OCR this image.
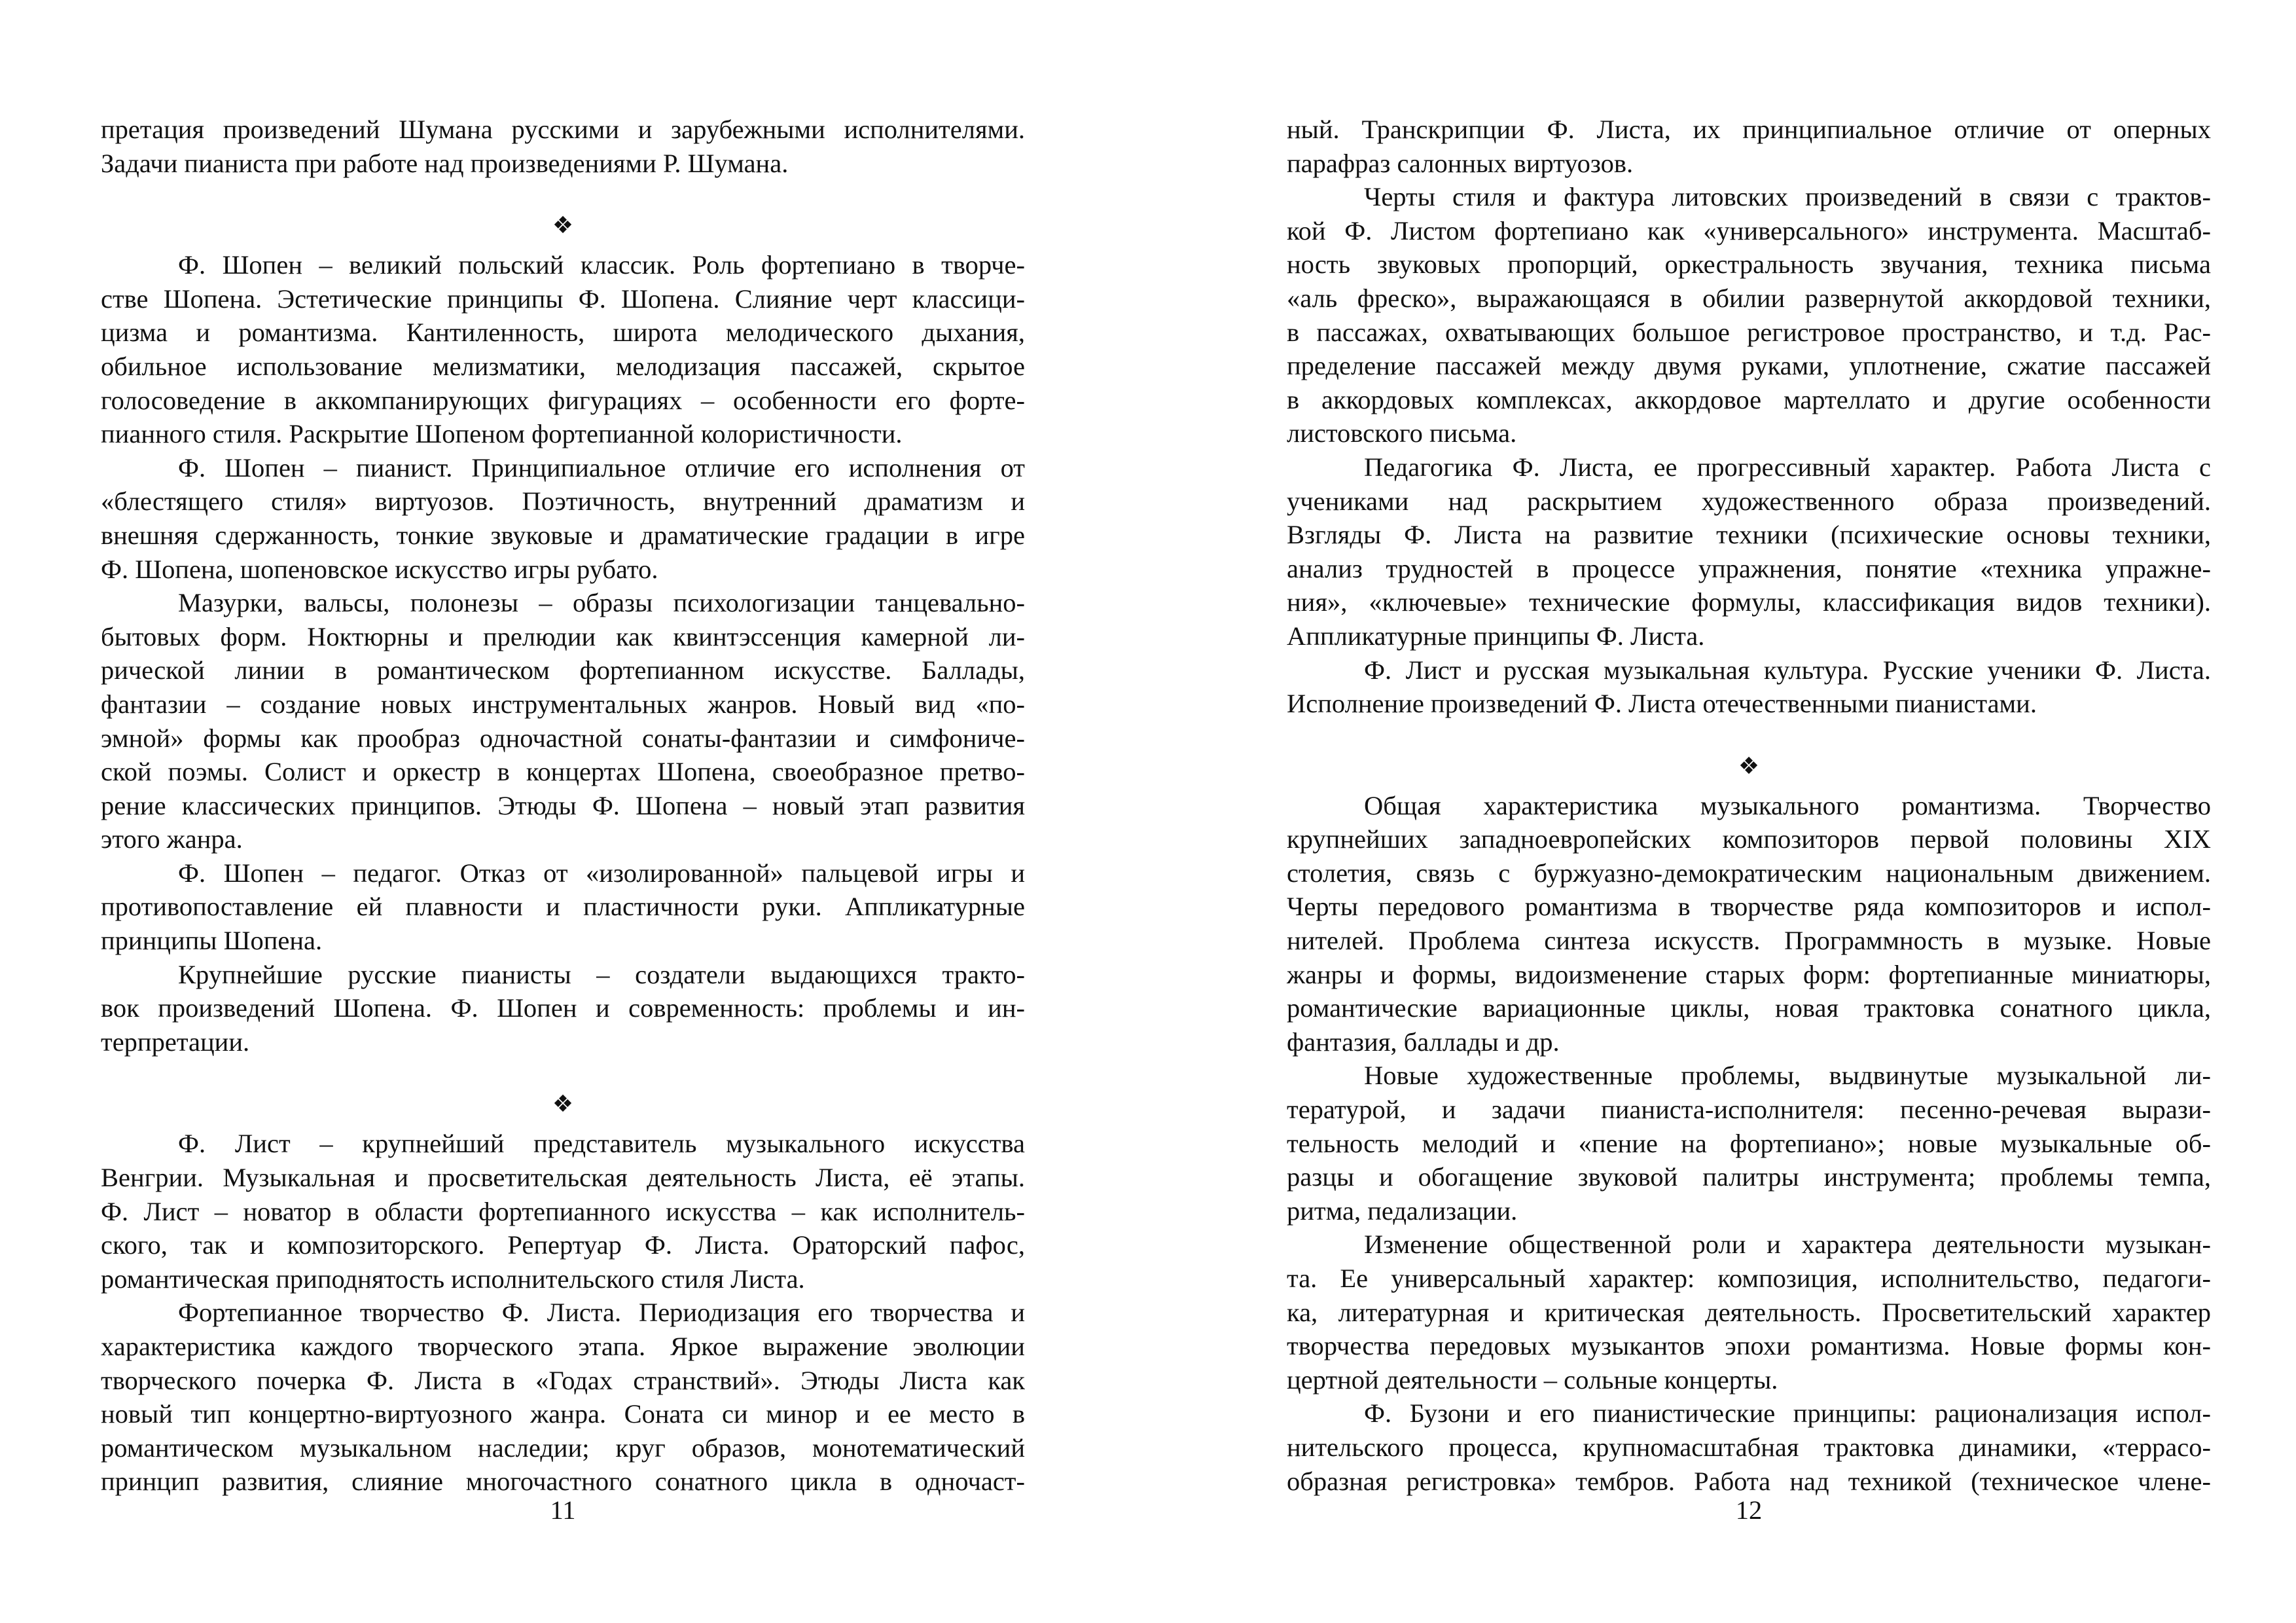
претация произведений Шумана русскими и зарубежными исполнителями.
Задачи пианиста при работе над произведениями Р. Шумана.
❖
Ф. Шопен – великий польский классик. Роль фортепиано в творче-
стве Шопена. Эстетические принципы Ф. Шопена. Слияние черт классици-
цизма и романтизма. Кантиленность, широта мелодического дыхания,
обильное использование мелизматики, мелодизация пассажей, скрытое
голосоведение в аккомпанирующих фигурациях – особенности его форте-
пианного стиля. Раскрытие Шопеном фортепианной колористичности.
Ф. Шопен – пианист. Принципиальное отличие его исполнения от
«блестящего стиля» виртуозов. Поэтичность, внутренний драматизм и
внешняя сдержанность, тонкие звуковые и драматические градации в игре
Ф. Шопена, шопеновское искусство игры рубато.
Мазурки, вальсы, полонезы – образы психологизации танцевально-
бытовых форм. Ноктюрны и прелюдии как квинтэссенция камерной ли-
рической линии в романтическом фортепианном искусстве. Баллады,
фантазии – создание новых инструментальных жанров. Новый вид «по-
эмной» формы как прообраз одночастной сонаты-фантазии и симфониче-
ской поэмы. Солист и оркестр в концертах Шопена, своеобразное претво-
рение классических принципов. Этюды Ф. Шопена – новый этап развития
этого жанра.
Ф. Шопен – педагог. Отказ от «изолированной» пальцевой игры и
противопоставление ей плавности и пластичности руки. Аппликатурные
принципы Шопена.
Крупнейшие русские пианисты – создатели выдающихся тракто-
вок произведений Шопена. Ф. Шопен и современность: проблемы и ин-
терпретации.
❖
Ф. Лист – крупнейший представитель музыкального искусства
Венгрии. Музыкальная и просветительская деятельность Листа, её этапы.
Ф. Лист – новатор в области фортепианного искусства – как исполнитель-
ского, так и композиторского. Репертуар Ф. Листа. Ораторский пафос,
романтическая приподнятость исполнительского стиля Листа.
Фортепианное творчество Ф. Листа. Периодизация его творчества и
характеристика каждого творческого этапа. Яркое выражение эволюции
творческого почерка Ф. Листа в «Годах странствий». Этюды Листа как
новый тип концертно-виртуозного жанра. Соната си минор и ее место в
романтическом музыкальном наследии; круг образов, монотематический
принцип развития, слияние многочастного сонатного цикла в одночаст-
11
ный. Транскрипции Ф. Листа, их принципиальное отличие от оперных
парафраз салонных виртуозов.
Черты стиля и фактура литовских произведений в связи с трактов-
кой Ф. Листом фортепиано как «универсального» инструмента. Масштаб-
ность звуковых пропорций, оркестральность звучания, техника письма
«аль фреско», выражающаяся в обилии развернутой аккордовой техники,
в пассажах, охватывающих большое регистровое пространство, и т.д. Рас-
пределение пассажей между двумя руками, уплотнение, сжатие пассажей
в аккордовых комплексах, аккордовое мартеллато и другие особенности
листовского письма.
Педагогика Ф. Листа, ее прогрессивный характер. Работа Листа с
учениками над раскрытием художественного образа произведений.
Взгляды Ф. Листа на развитие техники (психические основы техники,
анализ трудностей в процессе упражнения, понятие «техника упражне-
ния», «ключевые» технические формулы, классификация видов техники).
Аппликатурные принципы Ф. Листа.
Ф. Лист и русская музыкальная культура. Русские ученики Ф. Листа.
Исполнение произведений Ф. Листа отечественными пианистами.
❖
Общая характеристика музыкального романтизма. Творчество
крупнейших западноевропейских композиторов первой половины XIX
столетия, связь с буржуазно-демократическим национальным движением.
Черты передового романтизма в творчестве ряда композиторов и испол-
нителей. Проблема синтеза искусств. Программность в музыке. Новые
жанры и формы, видоизменение старых форм: фортепианные миниатюры,
романтические вариационные циклы, новая трактовка сонатного цикла,
фантазия, баллады и др.
Новые художественные проблемы, выдвинутые музыкальной ли-
тературой, и задачи пианиста-исполнителя: песенно-речевая вырази-
тельность мелодий и «пение на фортепиано»; новые музыкальные об-
разцы и обогащение звуковой палитры инструмента; проблемы темпа,
ритма, педализации.
Изменение общественной роли и характера деятельности музыкан-
та. Ее универсальный характер: композиция, исполнительство, педагоги-
ка, литературная и критическая деятельность. Просветительский характер
творчества передовых музыкантов эпохи романтизма. Новые формы кон-
цертной деятельности – сольные концерты.
Ф. Бузони и его пианистические принципы: рационализация испол-
нительского процесса, крупномасштабная трактовка динамики, «террасо-
образная регистровка» тембров. Работа над техникой (техническое члене-
12
